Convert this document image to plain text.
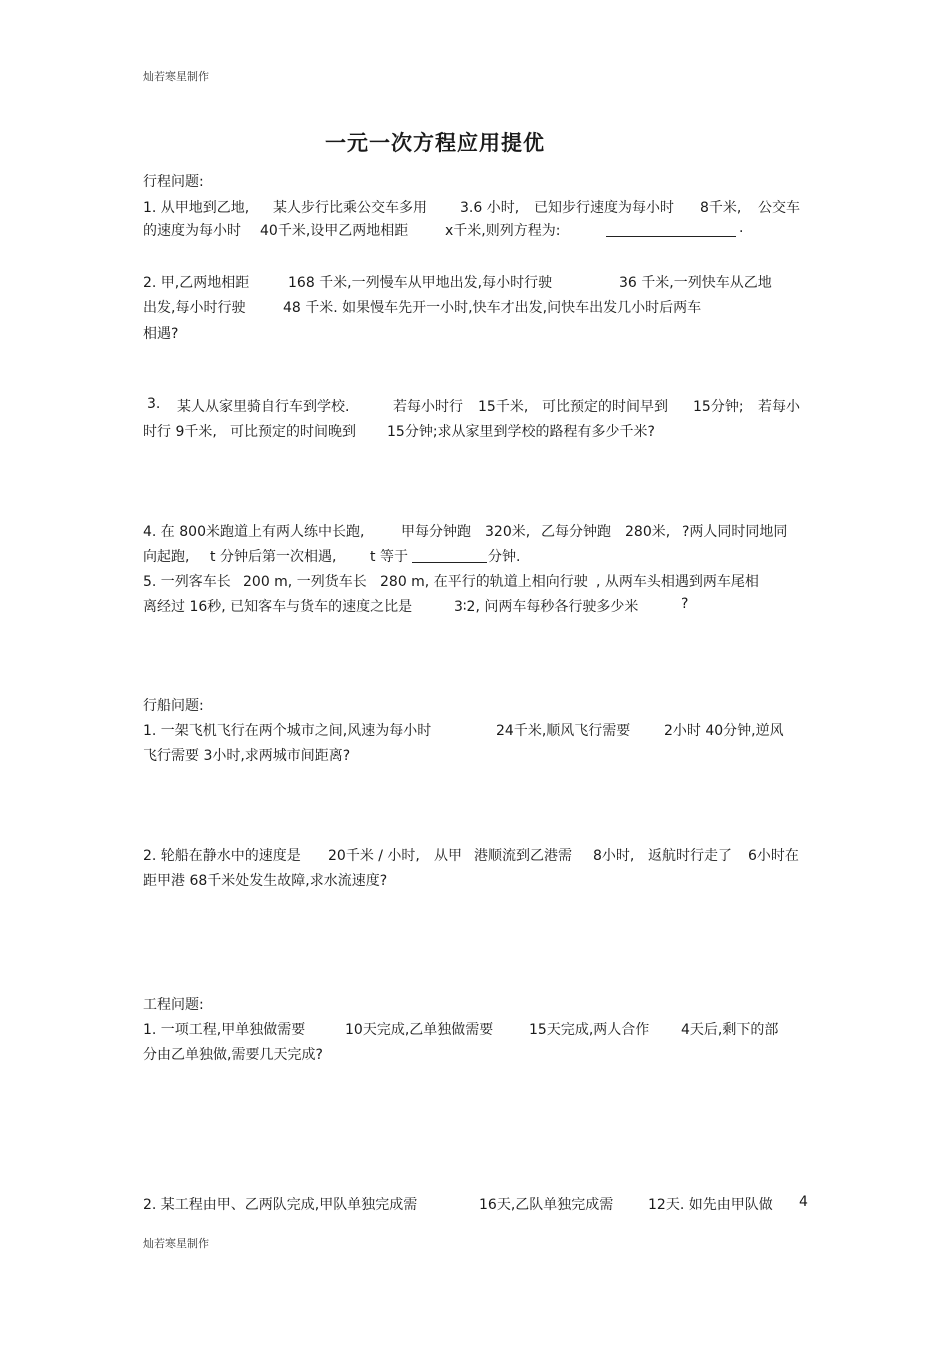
灿若寒星制作
灿若寒星制作
一元一次方程应用提优
行程问题:
1. 从甲地到乙地, 某人步行比乘公交车多用 3.6 小时, 已知步行速度为每小时 8千米, 公交车
的速度为每小时 40千米,设甲乙两地相距	x千米,则列方程为:	.
2. 甲,乙两地相距	168 千米,一列慢车从甲地出发,每小时行驶	36 千米,一列快车从乙地
出发,每小时行驶	48 千米. 如果慢车先开一小时,快车才出发,问快车出发几小时后两车
相遇?
3. 某人从家里骑自行车到学校.	若每小时行 15千米, 可比预定的时间早到 15分钟; 若每小
时行 9千米, 可比预定的时间晚到 15分钟;求从家里到学校的路程有多少千米?
4. 在 800米跑道上有两人练中长跑,	甲每分钟跑 320米, 乙每分钟跑 280米, ?两人同时同地同
向起跑, t 分钟后第一次相遇, t 等于	分钟.
5. 一列客车长 200 m, 一列货车长 280 m, 在平行的轨道上相向行驶 , 从两车头相遇到两车尾相
离经过 16秒, 已知客车与货车的速度之比是	3∶2, 问两车每秒各行驶多少米	?
行船问题:
1. 一架飞机飞行在两个城市之间,风速为每小时	24千米,顺风飞行需要 2小时 40分钟,逆风
飞行需要 3小时,求两城市间距离?
2. 轮船在静水中的速度是 20千米 / 小时, 从甲 港顺流到乙港需 8小时, 返航时行走了 6小时在
距甲港 68千米处发生故障,求水流速度?
工程问题:
1. 一项工程,甲单独做需要	10天完成,乙单独做需要	15天完成,两人合作 4天后,剩下的部
分由乙单独做,需要几天完成?
2. 某工程由甲、乙两队完成,甲队单独完成需	16天,乙队单独完成需 12天. 如先由甲队做 4
